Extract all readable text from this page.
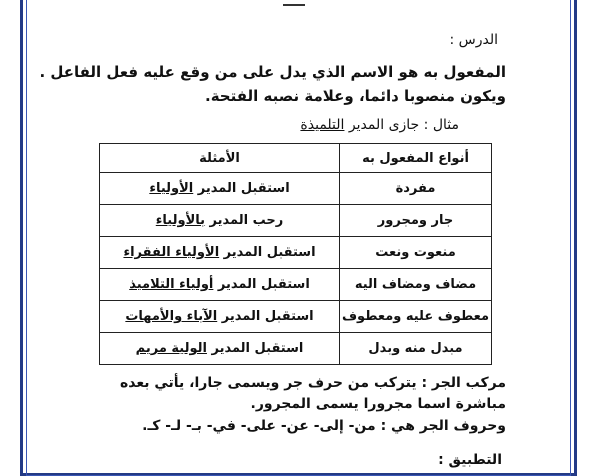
الدرس :
المفعول به هو الاسم الذي يدل على من وقع عليه فعل الفاعل .
ويكون منصوبا دائما، وعلامة نصبه الفتحة.
مثال : جازى المدير التلميذة
أنواع المفعول به	الأمثلة
مفردة	استقبل المدير الأولياء
جار ومجرور	رحب المدير بالأولياء
منعوت ونعت	استقبل المدير الأولياء الفقراء
مضاف ومضاف اليه	استقبل المدير أولياء التلاميذ
معطوف عليه ومعطوف	استقبل المدير الآباء والأمهات
مبدل منه وبدل	استقبل المدير الولية مريم
مركب الجر : يتركب من حرف جر ويسمى جارا، يأتي بعده
مباشرة اسما مجرورا يسمى المجرور.
وحروف الجر هي : من- إلى- عن- على- في- بـ- لـ- كـ.
التطبيق :
